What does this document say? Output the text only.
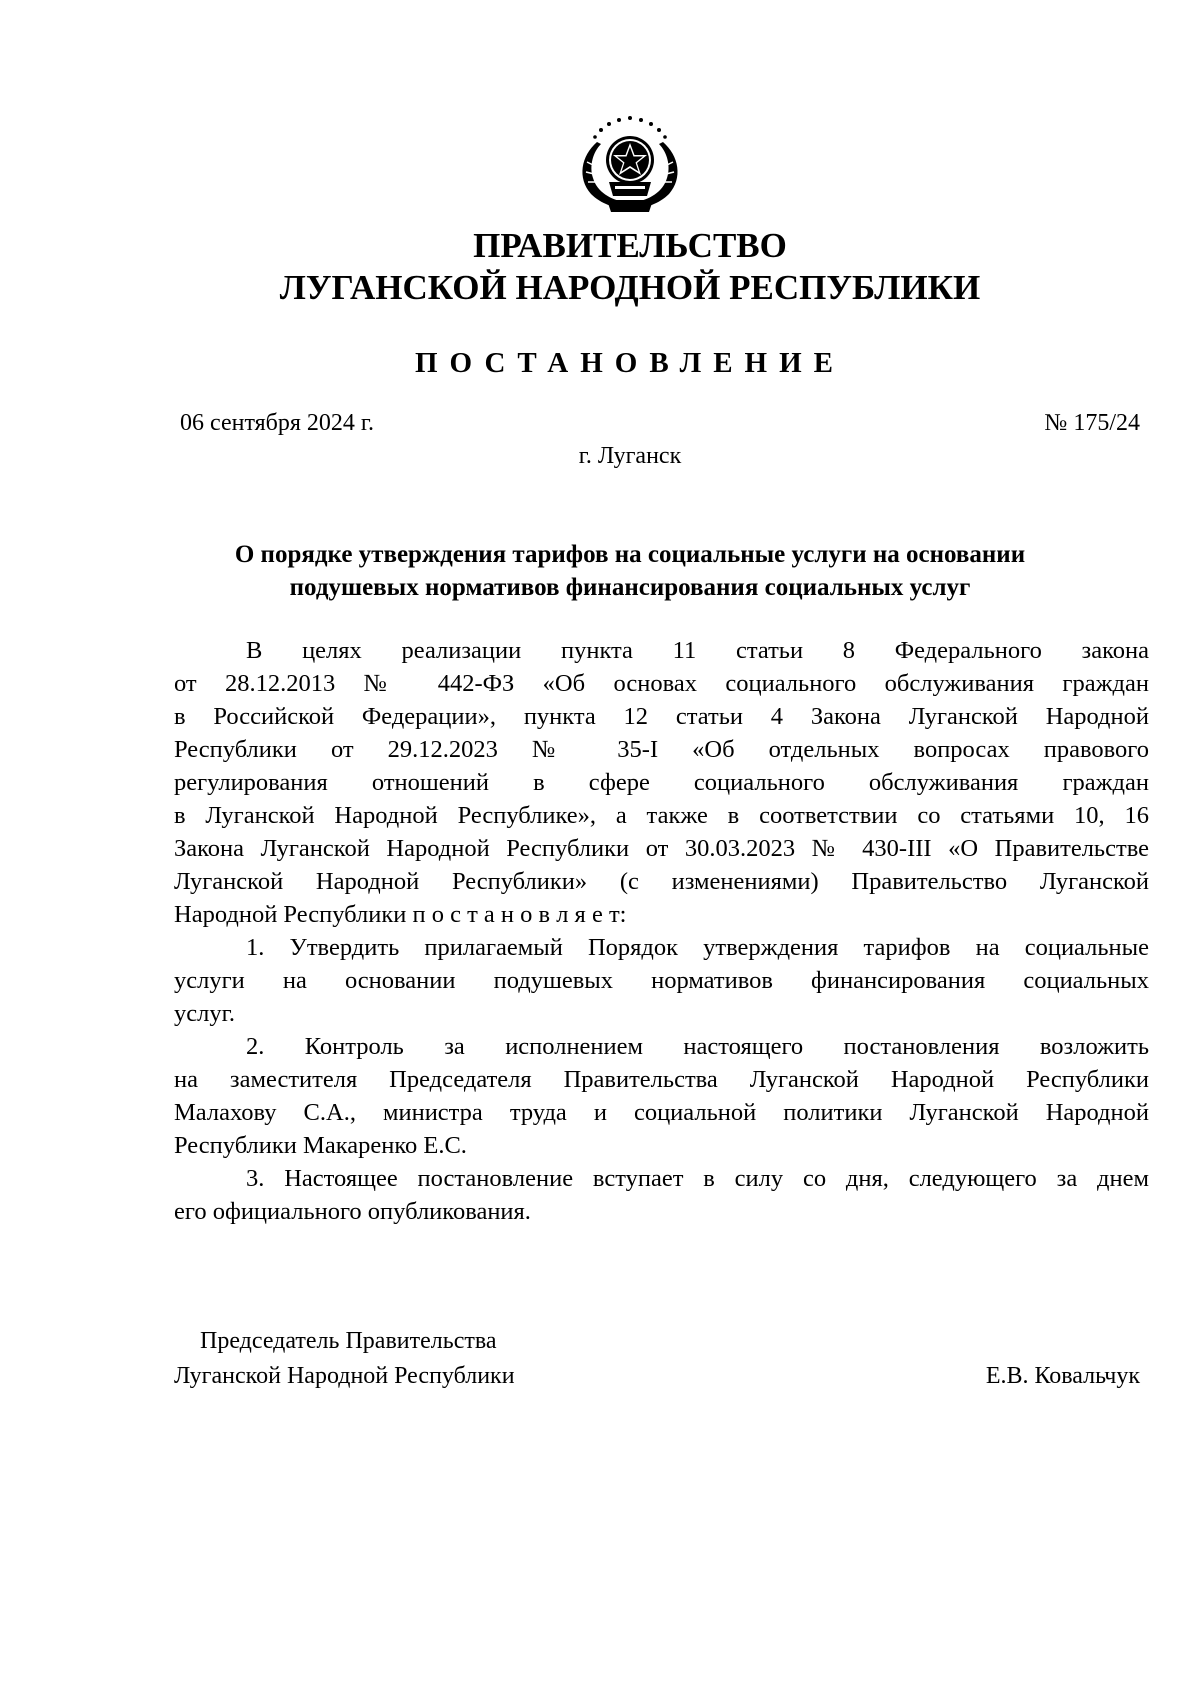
ПРАВИТЕЛЬСТВО
ЛУГАНСКОЙ НАРОДНОЙ РЕСПУБЛИКИ
ПОСТАНОВЛЕНИЕ
06 сентября 2024 г.	№ 175/24
г. Луганск
О порядке утверждения тарифов на социальные услуги на основании
подушевых нормативов финансирования социальных услуг
В целях реализации пункта 11 статьи 8 Федерального закона
от 28.12.2013 № 442-ФЗ «Об основах социального обслуживания граждан
в Российской Федерации», пункта 12 статьи 4 Закона Луганской Народной
Республики от 29.12.2023 № 35-I «Об отдельных вопросах правового
регулирования отношений в сфере социального обслуживания граждан
в Луганской Народной Республике», а также в соответствии со статьями 10, 16
Закона Луганской Народной Республики от 30.03.2023 № 430-III «О Правительстве
Луганской Народной Республики» (с изменениями) Правительство Луганской
Народной Республики п о с т а н о в л я е т:
1. Утвердить прилагаемый Порядок утверждения тарифов на социальные
услуги на основании подушевых нормативов финансирования социальных
услуг.
2. Контроль за исполнением настоящего постановления возложить
на заместителя Председателя Правительства Луганской Народной Республики
Малахову С.А., министра труда и социальной политики Луганской Народной
Республики Макаренко Е.С.
3. Настоящее постановление вступает в силу со дня, следующего за днем
его официального опубликования.
Председатель Правительства
Луганской Народной Республики	Е.В. Ковальчук
